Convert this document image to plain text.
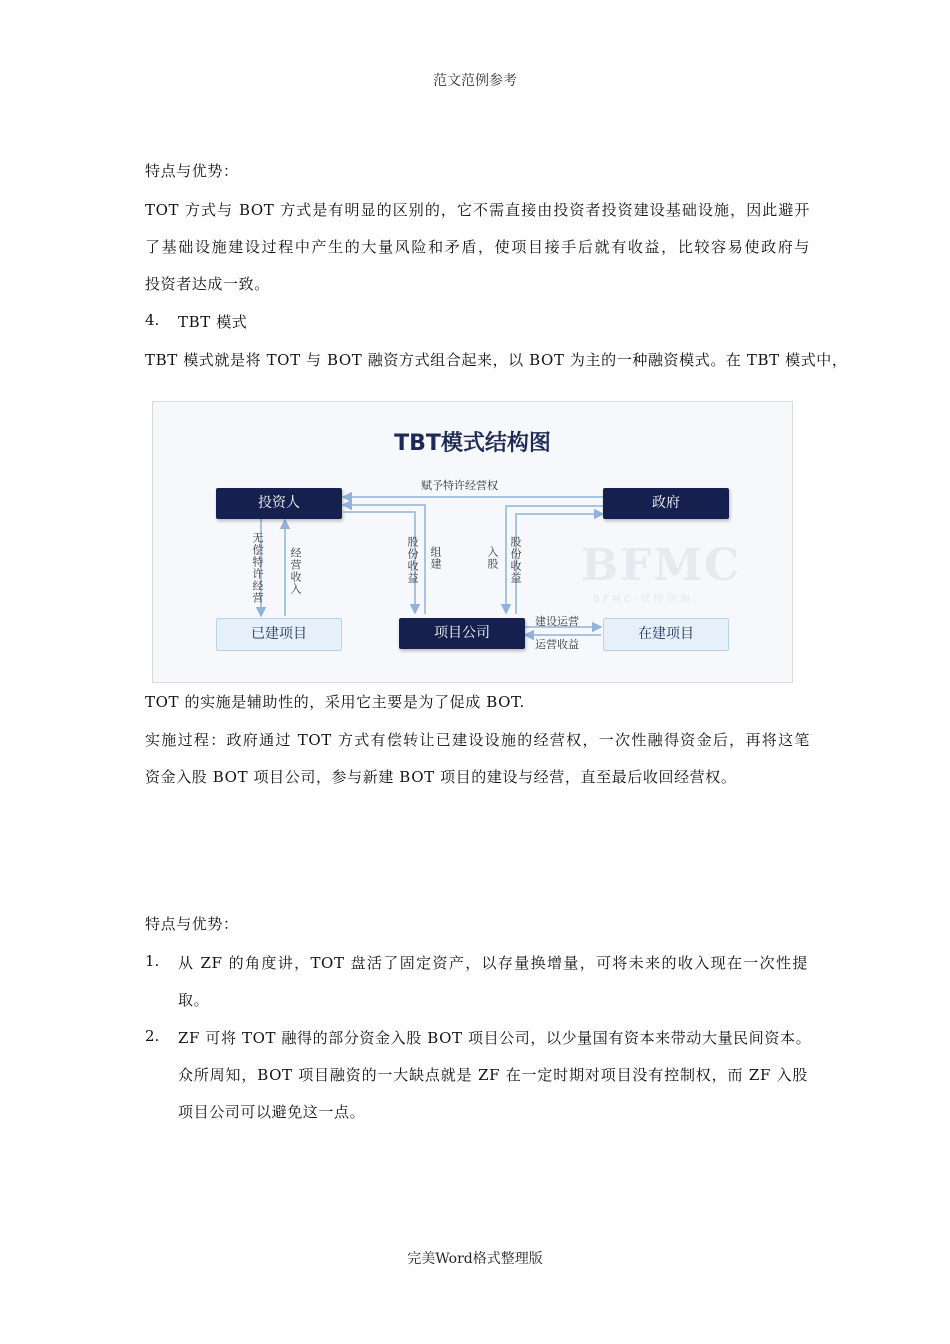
范文范例参考
特点与优势：
TOT 方式与 BOT 方式是有明显的区别的，它不需直接由投资者投资建设基础设施，因此避开
了基础设施建设过程中产生的大量风险和矛盾，使项目接手后就有收益，比较容易使政府与
投资者达成一致。
4. TBT 模式
TBT 模式就是将 TOT 与 BOT 融资方式组合起来，以 BOT 为主的一种融资模式。在 TBT 模式中，
BFMC
B F M C · 管 理 咨 询
TBT模式结构图
投资人	政府
已建项目	项目公司	在建项目
赋予特许经营权
无偿特许经营 经营收入	股份收益 组建	入股 股份收益
建设运营
运营收益
TOT 的实施是辅助性的，采用它主要是为了促成 BOT.
实施过程：政府通过 TOT 方式有偿转让已建设设施的经营权，一次性融得资金后，再将这笔
资金入股 BOT 项目公司，参与新建 BOT 项目的建设与经营，直至最后收回经营权。
特点与优势：
1. 从 ZF 的角度讲，TOT 盘活了固定资产，以存量换增量，可将未来的收入现在一次性提
取。
2. ZF 可将 TOT 融得的部分资金入股 BOT 项目公司，以少量国有资本来带动大量民间资本。
众所周知，BOT 项目融资的一大缺点就是 ZF 在一定时期对项目没有控制权，而 ZF 入股
项目公司可以避免这一点。
完美Word格式整理版
